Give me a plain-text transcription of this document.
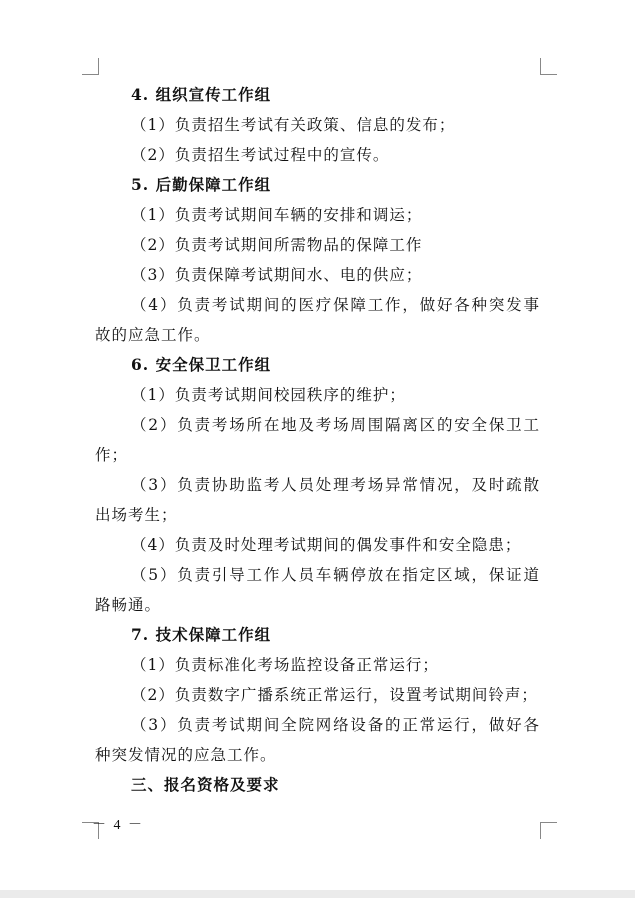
4. 组织宣传工作组
（1）负责招生考试有关政策、信息的发布；
（2）负责招生考试过程中的宣传。
5. 后勤保障工作组
（1）负责考试期间车辆的安排和调运；
（2）负责考试期间所需物品的保障工作
（3）负责保障考试期间水、电的供应；
（4）负责考试期间的医疗保障工作，做好各种突发事
故的应急工作。
6. 安全保卫工作组
（1）负责考试期间校园秩序的维护；
（2）负责考场所在地及考场周围隔离区的安全保卫工
作；
（3）负责协助监考人员处理考场异常情况，及时疏散
出场考生；
（4）负责及时处理考试期间的偶发事件和安全隐患；
（5）负责引导工作人员车辆停放在指定区域，保证道
路畅通。
7. 技术保障工作组
（1）负责标准化考场监控设备正常运行；
（2）负责数字广播系统正常运行，设置考试期间铃声；
（3）负责考试期间全院网络设备的正常运行，做好各
种突发情况的应急工作。
三、报名资格及要求
－ 4 －
